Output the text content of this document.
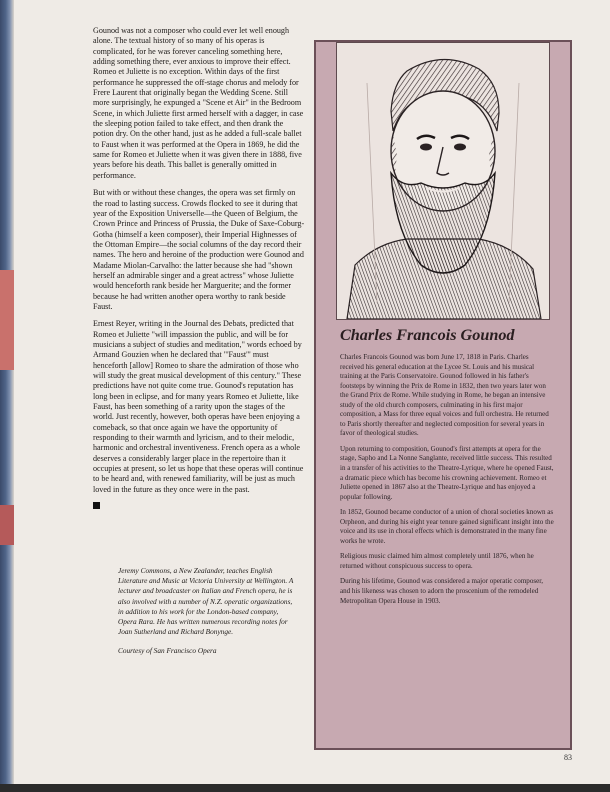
Gounod was not a composer who could ever let well enough alone. The textual history of so many of his operas is complicated, for he was forever canceling something here, adding something there, ever anxious to improve their effect. Romeo et Juliette is no exception. Within days of the first performance he suppressed the off-stage chorus and melody for Frere Laurent that originally began the Wedding Scene. Still more surprisingly, he expunged a "Scene et Air" in the Bedroom Scene, in which Juliette first armed herself with a dagger, in case the sleeping potion failed to take effect, and then drank the potion dry. On the other hand, just as he added a full-scale ballet to Faust when it was performed at the Opera in 1869, he did the same for Romeo et Juliette when it was given there in 1888, five years before his death. This ballet is generally omitted in performance.

But with or without these changes, the opera was set firmly on the road to lasting success. Crowds flocked to see it during that year of the Exposition Universelle—the Queen of Belgium, the Crown Prince and Princess of Prussia, the Duke of Saxe-Coburg-Gotha (himself a keen composer), their Imperial Highnesses of the Ottoman Empire—the social columns of the day record their names. The hero and heroine of the production were Gounod and Madame Miolan-Carvalho: the latter because she had "shown herself an admirable singer and a great actress" whose Juliette would henceforth rank beside her Marguerite; and the former because he had written another opera worthy to rank beside Faust.

Ernest Reyer, writing in the Journal des Debats, predicted that Romeo et Juliette "will impassion the public, and will be for musicians a subject of studies and meditation," words echoed by Armand Gouzien when he declared that "'Faust'" must henceforth [allow] Romeo to share the admiration of those who will study the great musical development of this century." These predictions have not quite come true. Gounod's reputation has long been in eclipse, and for many years Romeo et Juliette, like Faust, has been something of a rarity upon the stages of the world. Just recently, however, both operas have been enjoying a comeback, so that once again we have the opportunity of responding to their warmth and lyricism, and to their melodic, harmonic and orchestral inventiveness. French opera as a whole deserves a considerably larger place in the repertoire than it occupies at present, so let us hope that these operas will continue to be heard and, with renewed familiarity, will be just as much loved in the future as they once were in the past.

Jeremy Commons, a New Zealander, teaches English Literature and Music at Victoria University at Wellington. A lecturer and broadcaster on Italian and French opera, he is also involved with a number of N.Z. operatic organizations, in addition to his work for the London-based company, Opera Rara. He has written numerous recording notes for Joan Sutherland and Richard Bonynge.

Courtesy of San Francisco Opera

Charles Francois Gounod

Charles Francois Gounod was born June 17, 1818 in Paris. Charles received his general education at the Lycee St. Louis and his musical training at the Paris Conservatoire. Gounod followed in his father's footsteps by winning the Prix de Rome in 1832, then two years later won the Grand Prix de Rome. While studying in Rome, he began an intensive study of the old church composers, culminating in his first major composition, a Mass for three equal voices and full orchestra. He returned to Paris shortly thereafter and neglected composition for several years in favor of theological studies.

Upon returning to composition, Gounod's first attempts at opera for the stage, Sapho and La Nonne Sanglante, received little success. This resulted in a transfer of his activities to the Theatre-Lyrique, where he opened Faust, a dramatic piece which has become his crowning achievement. Romeo et Juliette opened in 1867 also at the Theatre-Lyrique and has enjoyed a popular following.

In 1852, Gounod became conductor of a union of choral societies known as Orpheon, and during his eight year tenure gained significant insight into the voice and its use in choral effects which is demonstrated in the many fine works he wrote.

Religious music claimed him almost completely until 1876, when he returned without conspicuous success to opera.

During his lifetime, Gounod was considered a major operatic composer, and his likeness was chosen to adorn the proscenium of the remodeled Metropolitan Opera House in 1903.

83
